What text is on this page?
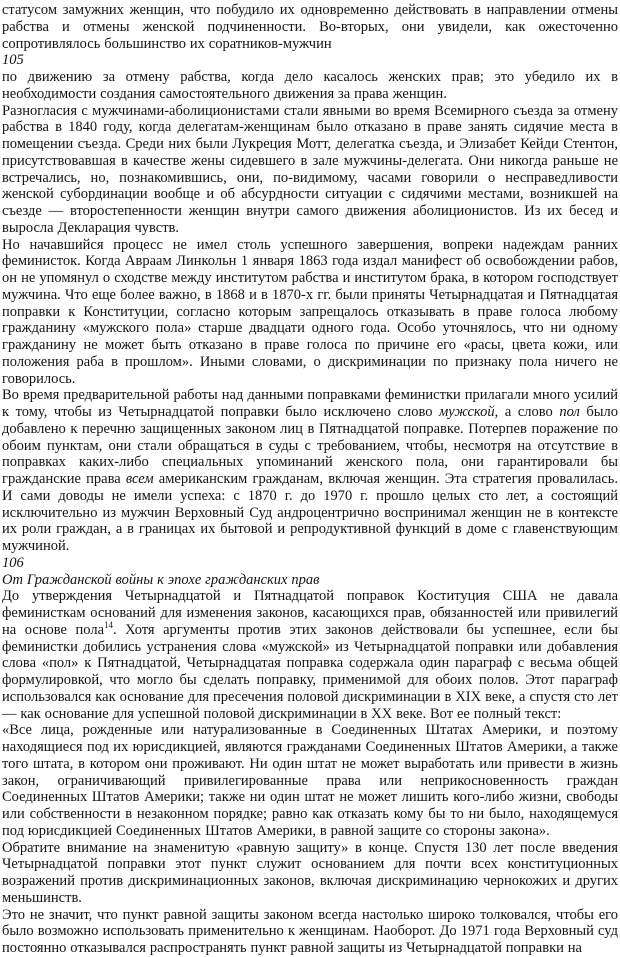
статусом замужних женщин, что побудило их одновременно действовать в направлении отмены рабства и отмены женской подчиненности. Во-вторых, они увидели, как ожесточенно сопротивлялось большинство их соратников-мужчин

105

по движению за отмену рабства, когда дело касалось женских прав; это убедило их в необходимости создания самостоятельного движения за права женщин.

Разногласия с мужчинами-аболиционистами стали явными во время Всемирного съезда за отмену рабства в 1840 году, когда делегатам-женщинам было отказано в праве занять сидячие места в помещении съезда. Среди них были Лукреция Мотт, делегатка съезда, и Элизабет Кейди Стентон, присутствовавшая в качестве жены сидевшего в зале мужчины-делегата. Они никогда раньше не встречались, но, познакомившись, они, по-видимому, часами говорили о несправедливости женской субординации вообще и об абсурдности ситуации с сидячими местами, возникшей на съезде — второстепенности женщин внутри самого движения аболиционистов. Из их бесед и выросла Декларация чувств.

Но начавшийся процесс не имел столь успешного завершения, вопреки надеждам ранних феминисток. Когда Авраам Линкольн 1 января 1863 года издал манифест об освобождении рабов, он не упомянул о сходстве между институтом рабства и институтом брака, в котором господствует мужчина. Что еще более важно, в 1868 и в 1870-х гг. были приняты Четырнадцатая и Пятнадцатая поправки к Конституции, согласно которым запрещалось отказывать в праве голоса любому гражданину «мужского пола» старше двадцати одного года. Особо уточнялось, что ни одному гражданину не может быть отказано в праве голоса по причине его «расы, цвета кожи, или положения раба в прошлом». Иными словами, о дискриминации по признаку пола ничего не говорилось.

Во время предварительной работы над данными поправками феминистки прилагали много усилий к тому, чтобы из Четырнадцатой поправки было исключено слово мужской, а слово пол было добавлено к перечню защищенных законом лиц в Пятнадцатой поправке. Потерпев поражение по обоим пунктам, они стали обращаться в суды с требованием, чтобы, несмотря на отсутствие в поправках каких-либо специальных упоминаний женского пола, они гарантировали бы гражданские права всем американским гражданам, включая женщин. Эта стратегия провалилась. И сами доводы не имели успеха: с 1870 г. до 1970 г. прошло целых сто лет, а состоящий исключительно из мужчин Верховный Суд андроцентрично воспринимал женщин не в контексте их роли граждан, а в границах их бытовой и репродуктивной функций в доме с главенствующим мужчиной.

106

От Гражданской войны к эпохе гражданских прав

До утверждения Четырнадцатой и Пятнадцатой поправок Коституция США не давала феминисткам оснований для изменения законов, касающихся прав, обязанностей или привилегий на основе пола$^{14}$. Хотя аргументы против этих законов действовали бы успешнее, если бы феминистки добились устранения слова «мужской» из Четырнадцатой поправки или добавления слова «пол» к Пятнадцатой, Четырнадцатая поправка содержала один параграф с весьма общей формулировкой, что могло бы сделать поправку, применимой для обоих полов. Этот параграф использовался как основание для пресечения половой дискриминации в XIX веке, а спустя сто лет — как основание для успешной половой дискриминации в XX веке. Вот ее полный текст:

«Все лица, рожденные или натурализованные в Соединенных Штатах Америки, и поэтому находящиеся под их юрисдикцией, являются гражданами Соединенных Штатов Америки, а также того штата, в котором они проживают. Ни один штат не может выработать или привести в жизнь закон, ограничивающий привилегированные права или неприкосновенность граждан Соединенных Штатов Америки; также ни один штат не может лишить кого-либо жизни, свободы или собственности в незаконном порядке; равно как отказать кому бы то ни было, находящемуся под юрисдикцией Соединенных Штатов Америки, в равной защите со стороны закона».

Обратите внимание на знаменитую «равную защиту» в конце. Спустя 130 лет после введения Четырнадцатой поправки этот пункт служит основанием для почти всех конституционных возражений против дискриминационных законов, включая дискриминацию чернокожих и других меньшинств.

Это не значит, что пункт равной защиты законом всегда настолько широко толковался, чтобы его было возможно использовать применительно к женщинам. Наоборот. До 1971 года Верховный суд постоянно отказывался распространять пункт равной защиты из Четырнадцатой поправки на
